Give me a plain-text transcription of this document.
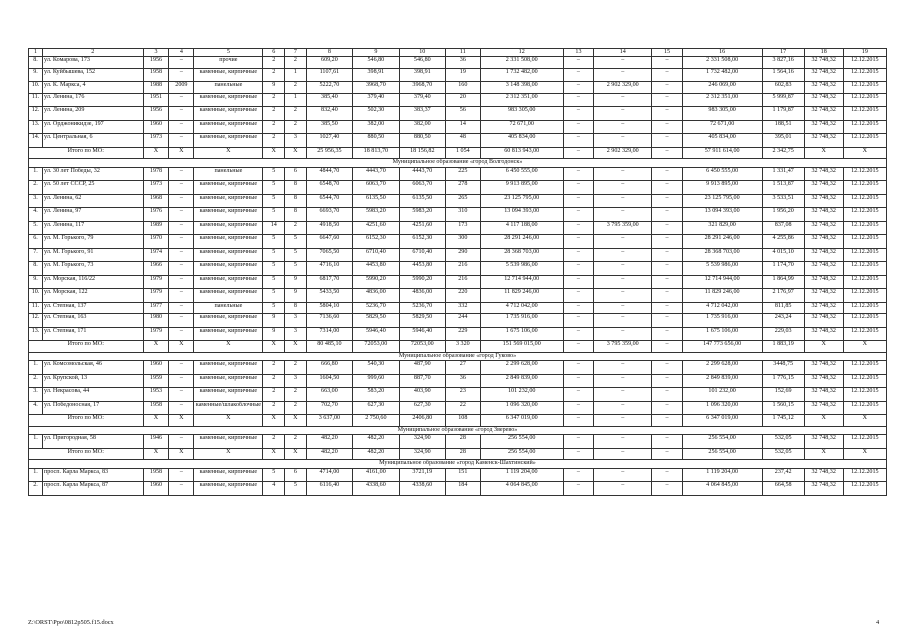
1	2	3	4	5	6	7	8	9	10	11	12	13	14	15	16	17	18	19
8.	ул. Комарова, 173	1956	–	прочие	2	2	609,20	546,80	546,80	36	2 331 508,00	–	–	–	2 331 508,00	3 827,16	32 748,32	12.12.2015
9.	ул. Куйбышева, 152	1958	–	каменные, кирпичные	2	1	1107,61	398,91	398,91	19	1 732 482,00	–	–	–	1 732 482,00	1 564,16	32 748,32	12.12.2015
10.	ул. К. Маркса, 4	1988	2009	панельные	9	2	5222,70	3968,70	3968,70	160	3 148 398,00	–	2 902 329,00	–	246 069,00	602,83	32 748,32	12.12.2015
11.	ул. Ленина, 176	1951	–	каменные, кирпичные	2	1	385,40	379,40	379,40	20	2 312 351,00	–	–	–	2 312 351,00	5 999,87	32 748,32	12.12.2015
12.	ул. Ленина, 209	1956	–	каменные, кирпичные	2	2	832,40	502,30	383,37	56	983 305,00	–	–	–	983 305,00	1 179,87	32 748,32	12.12.2015
13.	ул. Орджоникидзе, 197	1960	–	каменные, кирпичные	2	2	385,50	382,00	382,00	14	72 671,00	–	–	–	72 671,00	188,51	32 748,32	12.12.2015
14.	ул. Центральная, 6	1973	–	каменные, кирпичные	2	3	1027,40	880,50	880,50	48	405 834,00	–	–	–	405 834,00	395,01	32 748,32	12.12.2015
Итого по МО:		X	X	X	X	X	25 956,35	18 813,70	18 156,82	1 054	60 813 943,00	–	2 902 329,00	–	57 911 614,00	2 342,75	X	X
Муниципальное образование «город Волгодонск»																		
1.	ул. 30 лет Победы, 32	1978	–	панельные	5	6	4844,70	4443,70	4443,70	225	6 450 555,00	–	–	–	6 450 555,00	1 331,47	32 748,32	12.12.2015
2.	ул. 50 лет СССР, 25	1973	–	каменные, кирпичные	5	8	6548,70	6063,70	6063,70	278	9 913 895,00	–	–	–	9 913 895,00	1 513,87	32 748,32	12.12.2015
3.	ул. Ленина, 62	1968	–	каменные, кирпичные	5	8	6544,70	6135,50	6135,50	265	23 125 795,00	–	–	–	23 125 795,00	3 533,51	32 748,32	12.12.2015
4.	ул. Ленина, 97	1976	–	каменные, кирпичные	5	8	6693,70	5983,20	5983,20	310	13 094 393,00	–	–	–	13 094 393,00	1 956,20	32 748,32	12.12.2015
5.	ул. Ленина, 117	1989	–	каменные, кирпичные	14	2	4918,50	4251,60	4251,60	173	4 117 188,00	–	3 795 359,00	–	321 829,00	837,08	32 748,32	12.12.2015
6.	ул. М. Горького, 79	1970	–	каменные, кирпичные	5	5	6647,60	6152,30	6152,30	300	28 291 246,00	–	–	–	28 291 246,00	4 255,86	32 748,32	12.12.2015
7.	ул. М. Горького, 91	1974	–	каменные, кирпичные	5	5	7065,50	6710,40	6710,40	290	28 368 703,00	–	–	–	28 368 703,00	4 015,10	32 748,32	12.12.2015
8.	ул. М. Горького, 73	1966	–	каменные, кирпичные	5	5	4716,10	4453,80	4453,80	216	5 539 986,00	–	–	–	5 539 986,00	1 174,70	32 748,32	12.12.2015
9.	ул. Морская, 116/22	1979	–	каменные, кирпичные	5	9	6817,70	5990,20	5990,20	216	12 714 944,00	–	–	–	12 714 944,00	1 864,99	32 748,32	12.12.2015
10.	ул. Морская, 122	1979	–	каменные, кирпичные	5	9	5433,50	4836,00	4836,00	220	11 829 246,00	–	–	–	11 829 246,00	2 176,97	32 748,32	12.12.2015
11.	ул. Степная, 137	1977	–	панельные	5	8	5804,10	5236,70	5236,70	332	4 712 042,00	–	–	–	4 712 042,00	811,85	32 748,32	12.12.2015
12.	ул. Степная, 163	1980	–	каменные, кирпичные	9	3	7136,60	5829,50	5829,50	244	1 735 916,00	–	–	–	1 735 916,00	243,24	32 748,32	12.12.2015
13.	ул. Степная, 171	1979	–	каменные, кирпичные	9	3	7314,00	5946,40	5946,40	229	1 675 106,00	–	–	–	1 675 106,00	229,03	32 748,32	12.12.2015
Итого по МО:		X	X	X	X	X	80 485,10	72053,00	72053,00	3 320	151 569 015,00	–	3 795 359,00	–	147 773 656,00	1 883,19	X	X
Муниципальное образование «город Гуково»																		
1.	ул. Комсомольская, 46	1960	–	каменные, кирпичные	2	2	666,80	540,30	487,90	27	2 299 628,00	–	–	–	2 299 628,00	3448,75	32 748,32	12.12.2015
2.	ул. Крупской, 13	1959	–	каменные, кирпичные	2	3	1604,50	999,60	887,70	36	2 849 839,00	–	–	–	2 849 839,00	1 776,15	32 748,32	12.12.2015
3.	ул. Некрасова, 44	1953	–	каменные, кирпичные	2	2	663,00	583,20	403,90	23	101 232,00	–	–	–	101 232,00	152,69	32 748,32	12.12.2015
4.	ул. Победоносная, 17	1958	–	каменные/шлакоблочные	2	2	702,70	627,30	627,30	22	1 096 320,00	–	–	–	1 096 320,00	1 560,15	32 748,32	12.12.2015
Итого по МО:		X	X	X	X	X	3 637,00	2 750,60	2406,80	108	6 347 019,00	–	–	–	6 347 019,00	1 745,12	X	X
Муниципальное образование «город Зверево»																		
1.	ул. Пригородная, 58	1946	–	каменные, кирпичные	2	2	482,20	482,20	324,90	28	256 554,00	–	–	–	256 554,00	532,05	32 748,32	12.12.2015
Итого по МО:		X	X	X	X	X	482,20	482,20	324,90	28	256 554,00	–	–	–	256 554,00	532,05	X	X
Муниципальное образование «город Каменск-Шахтинский»																		
1.	просп. Карла Маркса, 83	1958	–	каменные, кирпичные	5	6	4714,00	4161,00	3721,19	151	1 119 204,00	–	–	–	1 119 204,00	237,42	32 748,32	12.12.2015
2.	просп. Карла Маркса, 87	1960	–	каменные, кирпичные	4	5	6116,40	4338,60	4338,60	184	4 064 845,00	–	–	–	4 064 845,00	664,58	32 748,32	12.12.2015
Z:\ORST\Ppo\0812p505.f15.docx	4
